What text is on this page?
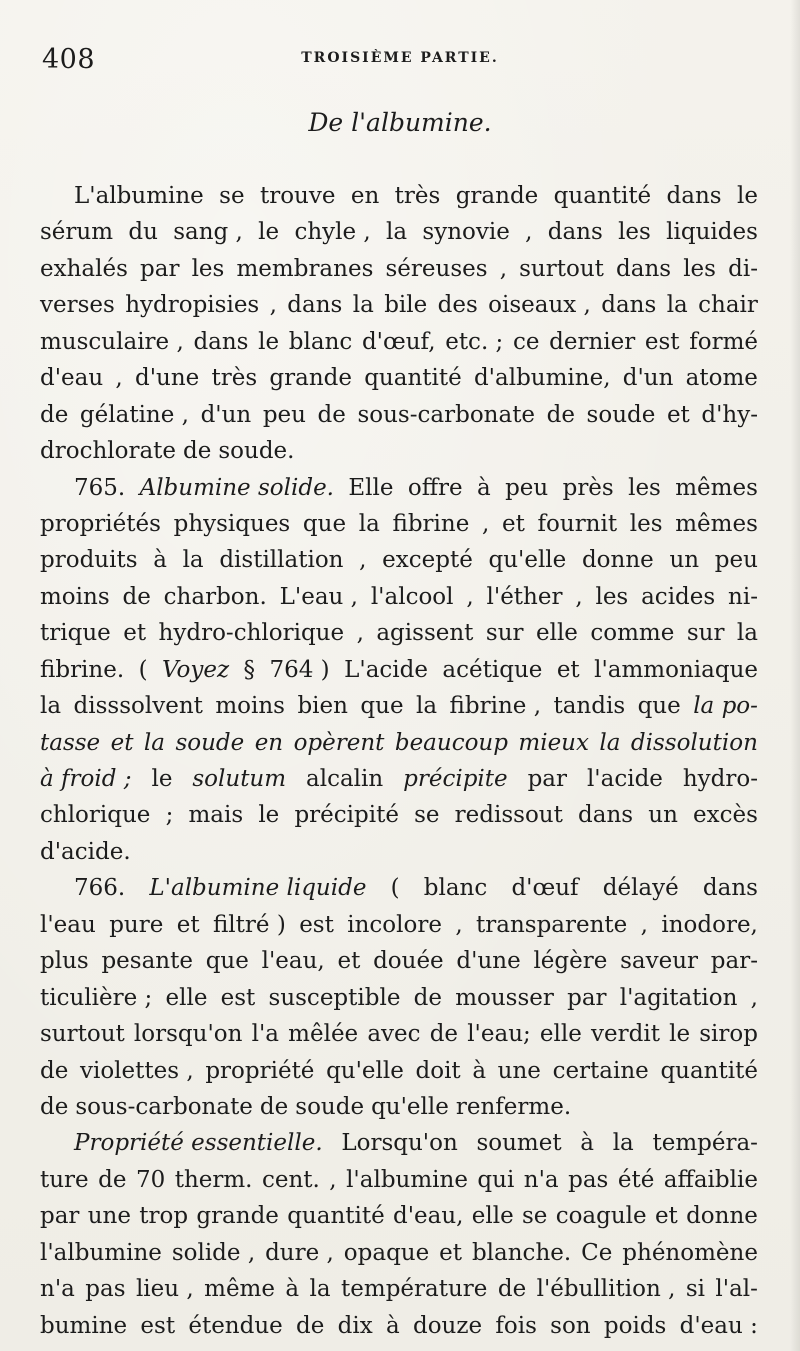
408	TROISIÈME PARTIE.
De l'albumine.
L'albumine se trouve en très grande quantité dans le
sérum du sang , le chyle , la synovie , dans les liquides
exhalés par les membranes séreuses , surtout dans les di-
verses hydropisies , dans la bile des oiseaux , dans la chair
musculaire , dans le blanc d'œuf, etc. ; ce dernier est formé
d'eau , d'une très grande quantité d'albumine, d'un atome
de gélatine , d'un peu de sous-carbonate de soude et d'hy-
drochlorate de soude.
765. Albumine solide. Elle offre à peu près les mêmes
propriétés physiques que la fibrine , et fournit les mêmes
produits à la distillation , excepté qu'elle donne un peu
moins de charbon. L'eau , l'alcool , l'éther , les acides ni-
trique et hydro-chlorique , agissent sur elle comme sur la
fibrine. ( Voyez § 764 ) L'acide acétique et l'ammoniaque
la disssolvent moins bien que la fibrine , tandis que la po-
tasse et la soude en opèrent beaucoup mieux la dissolution
à froid ; le solutum alcalin précipite par l'acide hydro-
chlorique ; mais le précipité se redissout dans un excès
d'acide.
766. L'albumine liquide ( blanc d'œuf délayé dans
l'eau pure et filtré ) est incolore , transparente , inodore,
plus pesante que l'eau, et douée d'une légère saveur par-
ticulière ; elle est susceptible de mousser par l'agitation ,
surtout lorsqu'on l'a mêlée avec de l'eau; elle verdit le sirop
de violettes , propriété qu'elle doit à une certaine quantité
de sous-carbonate de soude qu'elle renferme.
Propriété essentielle. Lorsqu'on soumet à la tempéra-
ture de 70 therm. cent. , l'albumine qui n'a pas été affaiblie
par une trop grande quantité d'eau, elle se coagule et donne
l'albumine solide , dure , opaque et blanche. Ce phénomène
n'a pas lieu , même à la température de l'ébullition , si l'al-
bumine est étendue de dix à douze fois son poids d'eau :
